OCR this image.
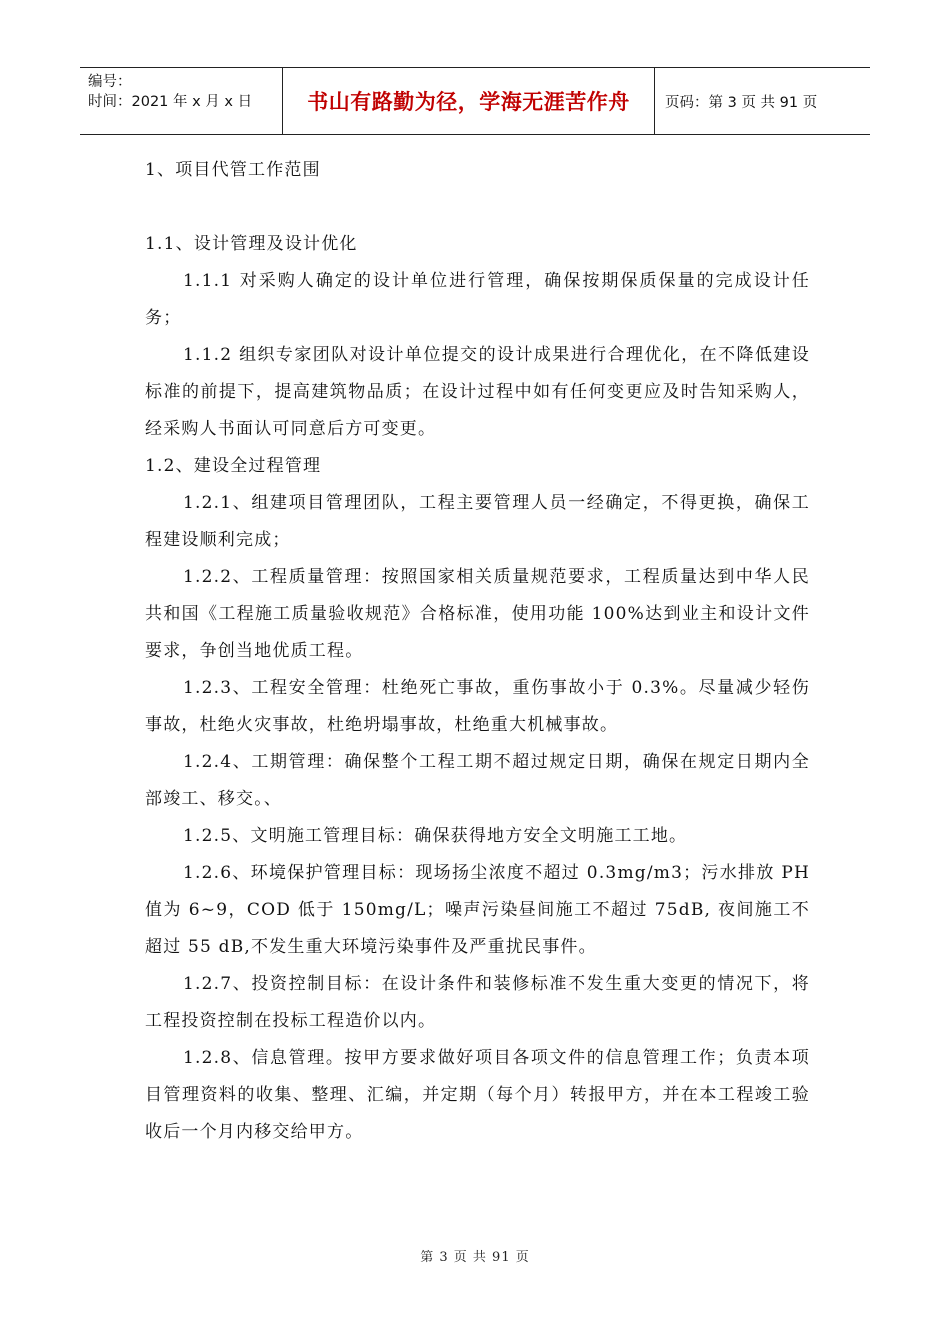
编号：
时间：2021 年 x 月 x 日	书山有路勤为径，学海无涯苦作舟	页码：第 3 页 共 91 页

1、项目代管工作范围

1.1、设计管理及设计优化

1.1.1 对采购人确定的设计单位进行管理，确保按期保质保量的完成设计任务；

1.1.2 组织专家团队对设计单位提交的设计成果进行合理优化，在不降低建设标准的前提下，提高建筑物品质；在设计过程中如有任何变更应及时告知采购人，经采购人书面认可同意后方可变更。

1.2、建设全过程管理

1.2.1、组建项目管理团队，工程主要管理人员一经确定，不得更换，确保工程建设顺利完成；

1.2.2、工程质量管理：按照国家相关质量规范要求，工程质量达到中华人民共和国《工程施工质量验收规范》合格标准，使用功能 100%达到业主和设计文件要求，争创当地优质工程。

1.2.3、工程安全管理：杜绝死亡事故，重伤事故小于 0.3%。尽量减少轻伤事故，杜绝火灾事故，杜绝坍塌事故，杜绝重大机械事故。

1.2.4、工期管理：确保整个工程工期不超过规定日期，确保在规定日期内全部竣工、移交。、

1.2.5、文明施工管理目标：确保获得地方安全文明施工工地。

1.2.6、环境保护管理目标：现场扬尘浓度不超过 0.3mg/m3；污水排放 PH 值为 6~9，COD 低于 150mg/L；噪声污染昼间施工不超过 75dB, 夜间施工不超过 55 dB,不发生重大环境污染事件及严重扰民事件。

1.2.7、投资控制目标：在设计条件和装修标准不发生重大变更的情况下，将工程投资控制在投标工程造价以内。

1.2.8、信息管理。按甲方要求做好项目各项文件的信息管理工作；负责本项目管理资料的收集、整理、汇编，并定期（每个月）转报甲方，并在本工程竣工验收后一个月内移交给甲方。

第 3 页 共 91 页
